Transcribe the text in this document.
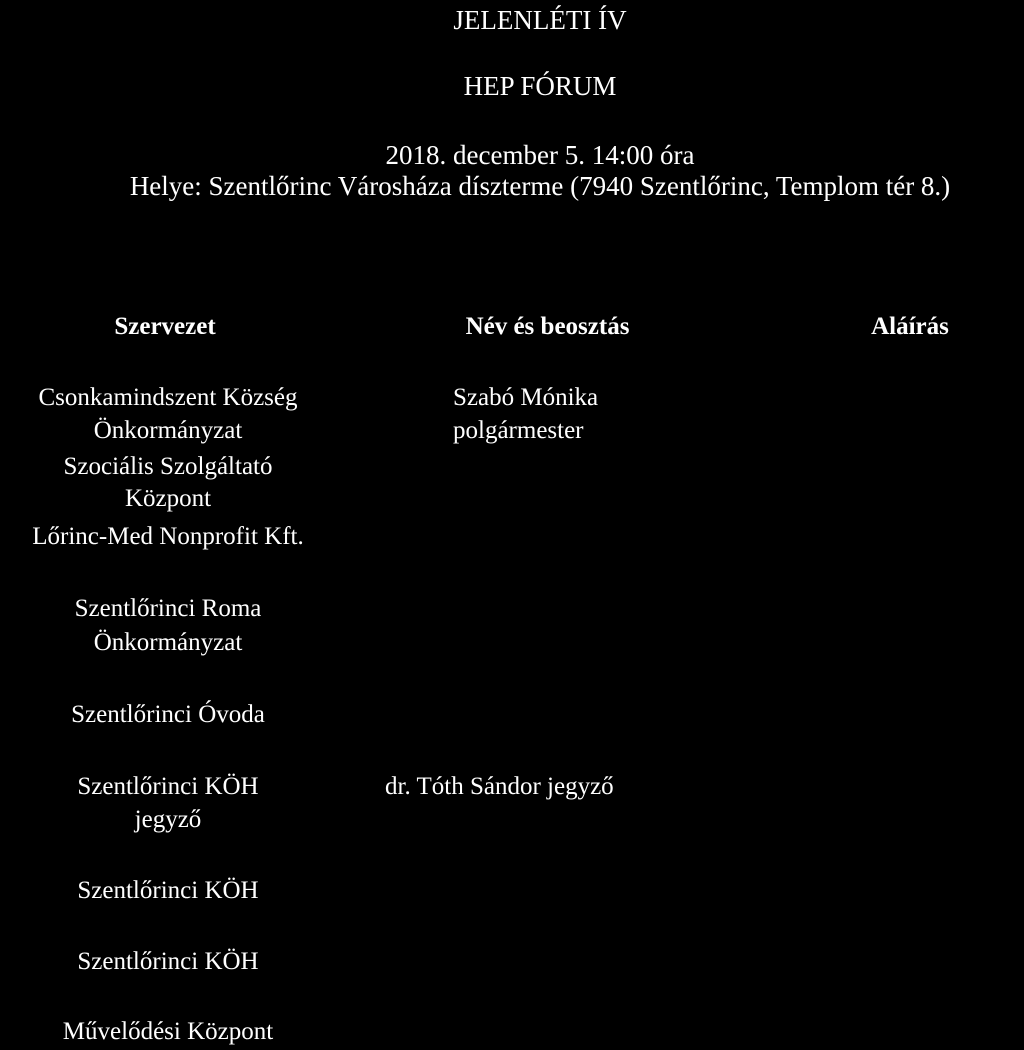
JELENLÉTI ÍV
HEP FÓRUM
2018. december 5. 14:00 óra
Helye: Szentlőrinc Városháza díszterme (7940 Szentlőrinc, Templom tér 8.)
Szervezet	Név és beosztás	Aláírás
Csonkamindszent Község
Önkormányzat
Szabó Mónika
polgármester
Szociális Szolgáltató
Központ
Lőrinc-Med Nonprofit Kft.
Szentlőrinci Roma
Önkormányzat
Szentlőrinci Óvoda
Szentlőrinci KÖH
jegyző
dr. Tóth Sándor jegyző
Szentlőrinci KÖH
Szentlőrinci KÖH
Művelődési Központ
